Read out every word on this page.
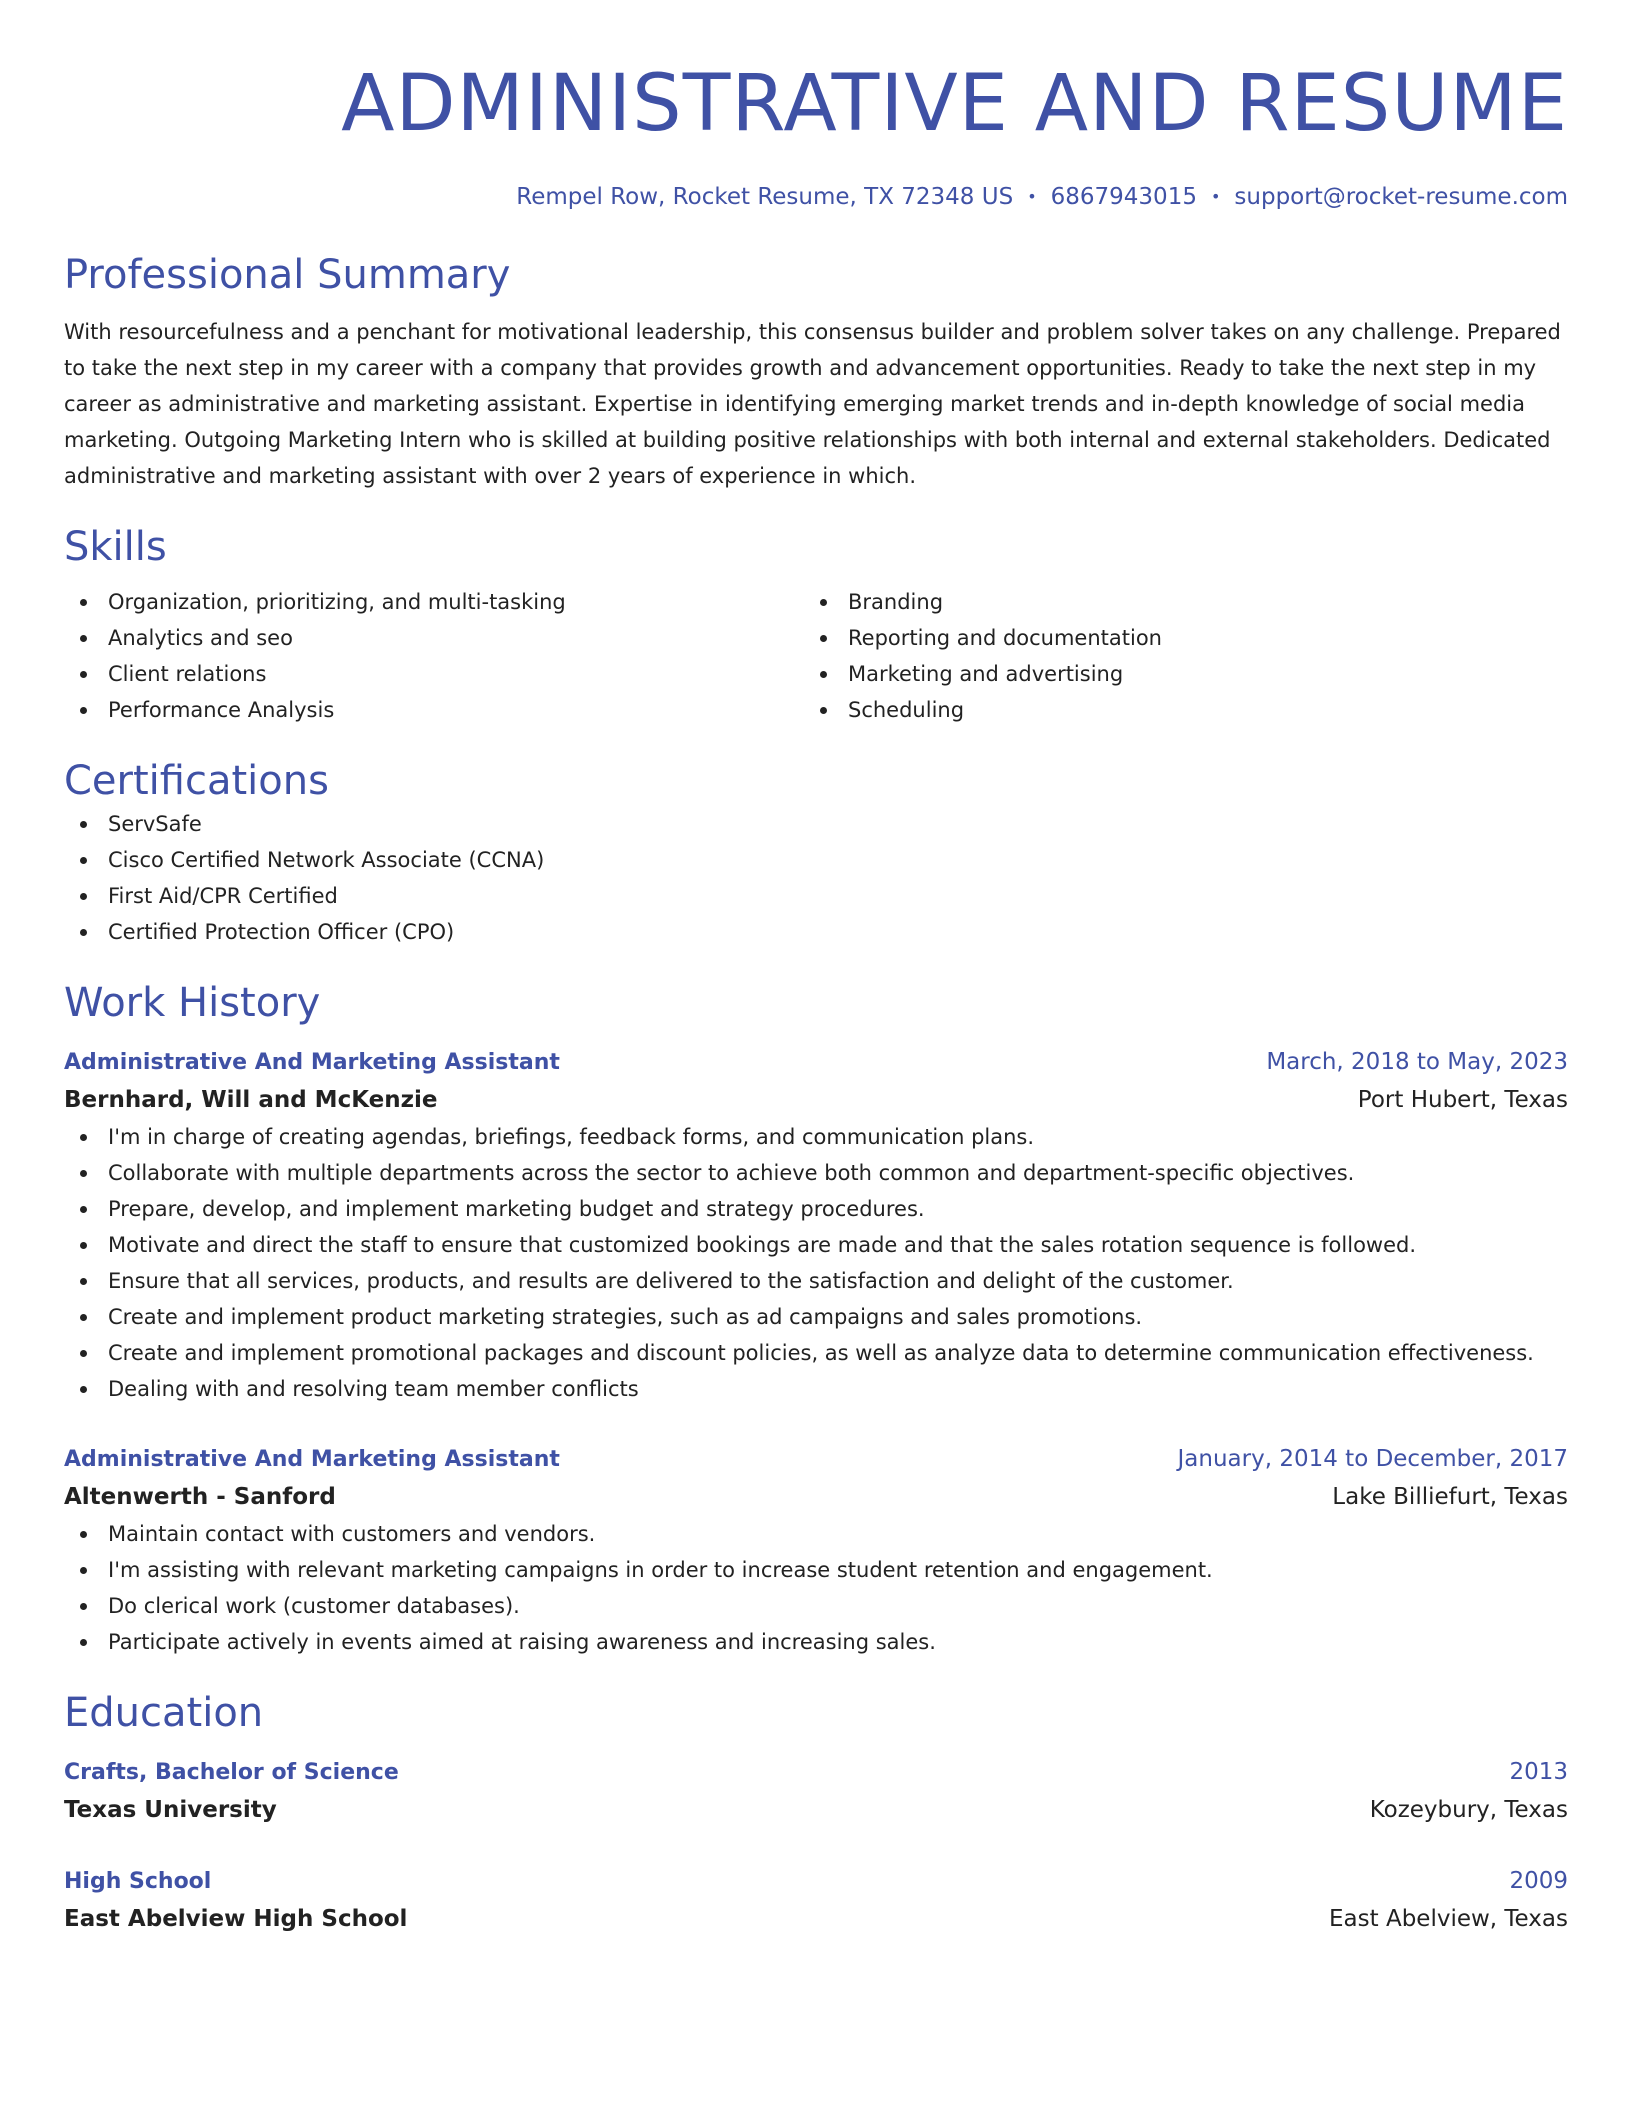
ADMINISTRATIVE AND RESUME
Rempel Row, Rocket Resume, TX 72348 US • 6867943015 • support@rocket-resume.com
Professional Summary

With resourcefulness and a penchant for motivational leadership, this consensus builder and problem solver takes on any challenge. Prepared to take the next step in my career with a company that provides growth and advancement opportunities. Ready to take the next step in my career as administrative and marketing assistant. Expertise in identifying emerging market trends and in-depth knowledge of social media marketing. Outgoing Marketing Intern who is skilled at building positive relationships with both internal and external stakeholders. Dedicated administrative and marketing assistant with over 2 years of experience in which.

Skills
Organization, prioritizing, and multi-tasking
Analytics and seo
Client relations
Performance Analysis
Branding
Reporting and documentation
Marketing and advertising
Scheduling
Certifications
ServSafe
Cisco Certified Network Associate (CCNA)
First Aid/CPR Certified
Certified Protection Officer (CPO)
Work History
Administrative And Marketing Assistant	March, 2018 to May, 2023
Bernhard, Will and McKenzie	Port Hubert, Texas
I'm in charge of creating agendas, briefings, feedback forms, and communication plans.
Collaborate with multiple departments across the sector to achieve both common and department-specific objectives.
Prepare, develop, and implement marketing budget and strategy procedures.
Motivate and direct the staff to ensure that customized bookings are made and that the sales rotation sequence is followed.
Ensure that all services, products, and results are delivered to the satisfaction and delight of the customer.
Create and implement product marketing strategies, such as ad campaigns and sales promotions.
Create and implement promotional packages and discount policies, as well as analyze data to determine communication effectiveness.
Dealing with and resolving team member conflicts
Administrative And Marketing Assistant	January, 2014 to December, 2017
Altenwerth - Sanford	Lake Billiefurt, Texas
Maintain contact with customers and vendors.
I'm assisting with relevant marketing campaigns in order to increase student retention and engagement.
Do clerical work (customer databases).
Participate actively in events aimed at raising awareness and increasing sales.
Education
Crafts, Bachelor of Science	2013
Texas University	Kozeybury, Texas
High School	2009
East Abelview High School	East Abelview, Texas
